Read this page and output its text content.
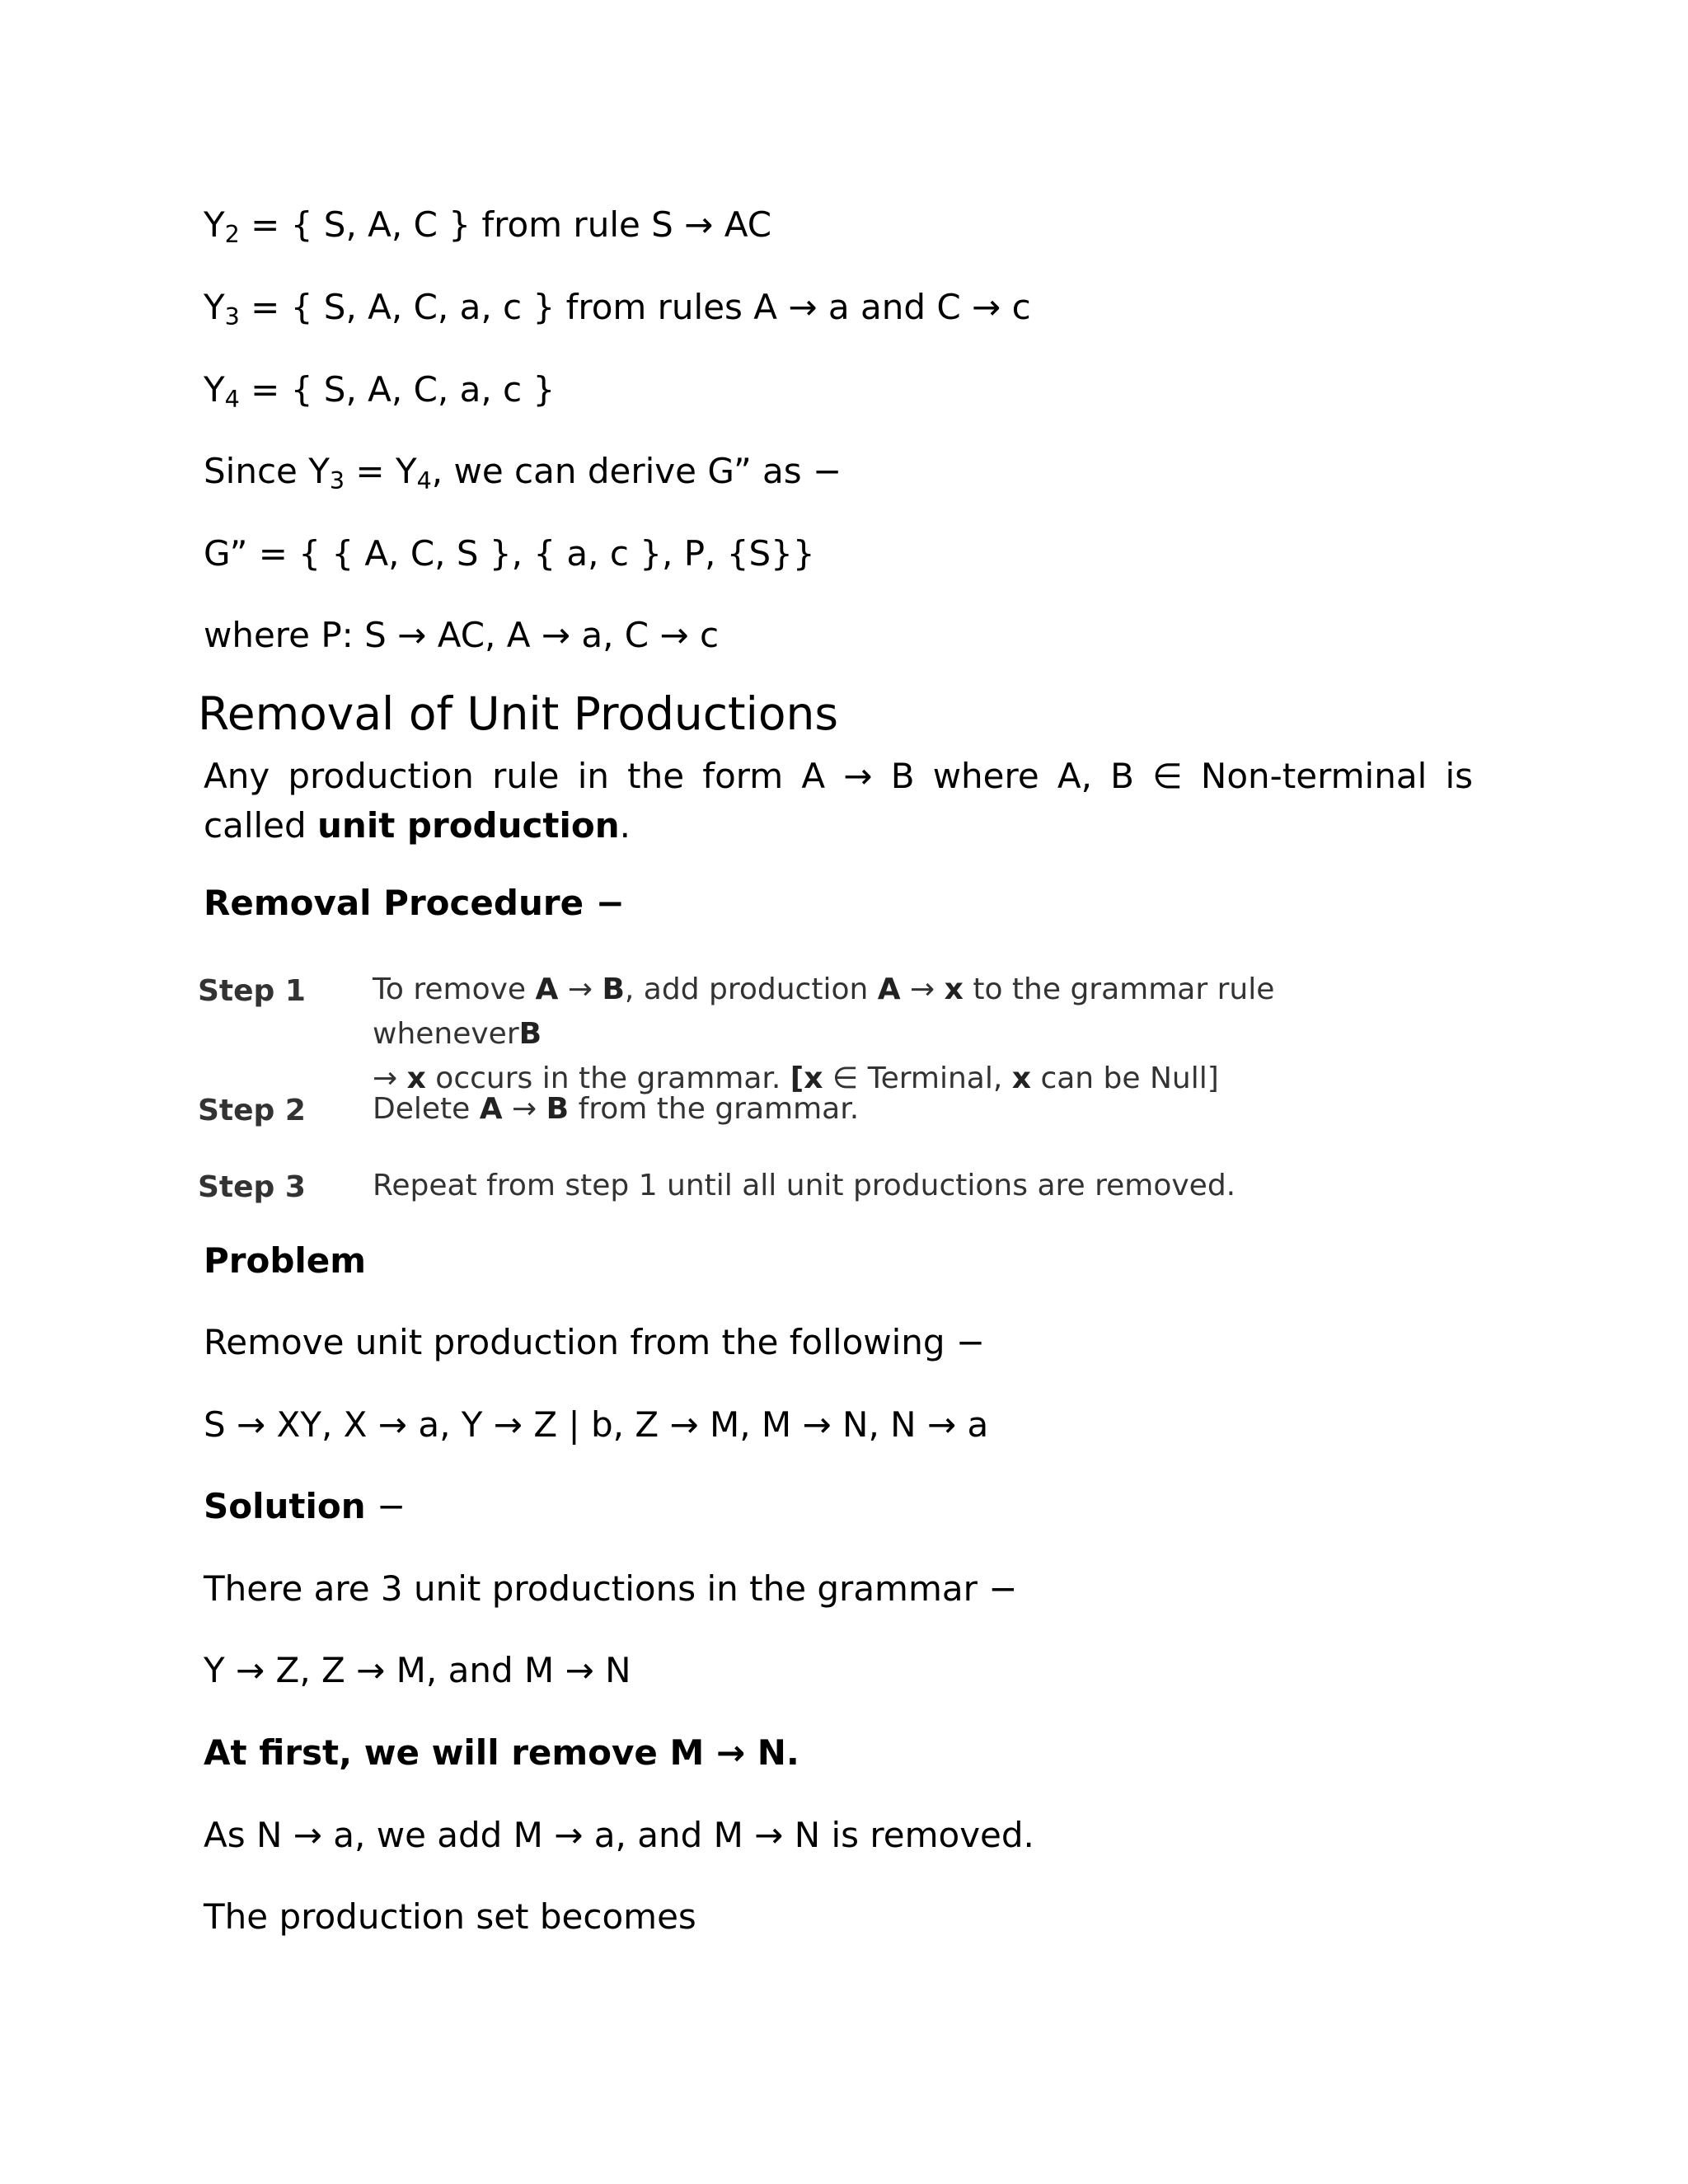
$Y_2$ = { S, A, C } from rule S → AC

$Y_3$ = { S, A, C, a, c } from rules A → a and C → c

$Y_4$ = { S, A, C, a, c }

Since $Y_3 = Y_4$, we can derive G” as −

G” = { { A, C, S }, { a, c }, P, {S}}

where P: S → AC, A → a, C → c

Removal of Unit Productions

Any production rule in the form A → B where A, B ∈ Non-terminal is called unit production.

Removal Procedure −

Step 1 To remove A → B, add production A → x to the grammar rule wheneverB
→ x occurs in the grammar. [x ∈ Terminal, x can be Null]

Step 2 Delete A → B from the grammar.

Step 3 Repeat from step 1 until all unit productions are removed.

Problem

Remove unit production from the following −

S → XY, X → a, Y → Z | b, Z → M, M → N, N → a

Solution −

There are 3 unit productions in the grammar −

Y → Z, Z → M, and M → N

At first, we will remove M → N.

As N → a, we add M → a, and M → N is removed.

The production set becomes
